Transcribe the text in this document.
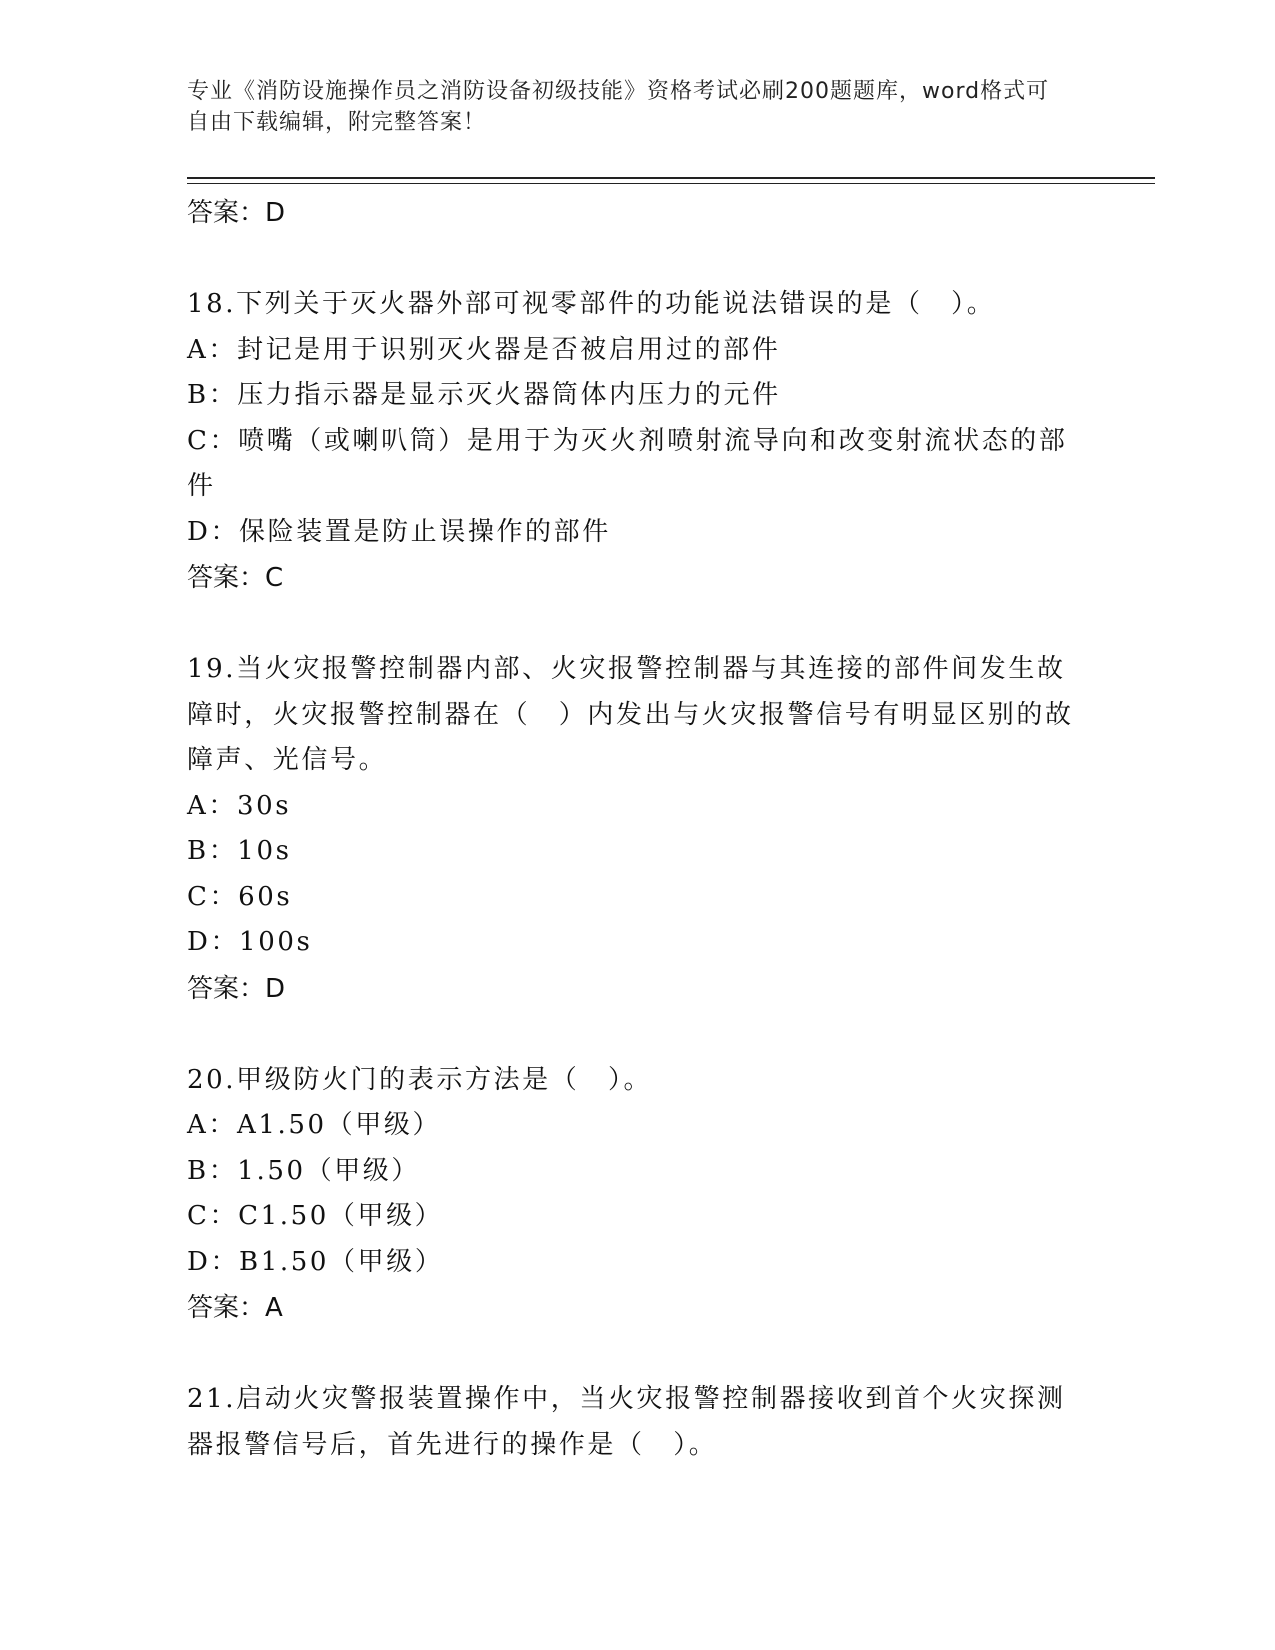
专业《消防设施操作员之消防设备初级技能》资格考试必刷200题题库，word格式可自由下载编辑，附完整答案！
答案：D
18.下列关于灭火器外部可视零部件的功能说法错误的是（　）。
A：封记是用于识别灭火器是否被启用过的部件
B：压力指示器是显示灭火器筒体内压力的元件
C：喷嘴（或喇叭筒）是用于为灭火剂喷射流导向和改变射流状态的部件
D：保险装置是防止误操作的部件
答案：C
19.当火灾报警控制器内部、火灾报警控制器与其连接的部件间发生故障时，火灾报警控制器在（　）内发出与火灾报警信号有明显区别的故障声、光信号。
A：30s
B：10s
C：60s
D：100s
答案：D
20.甲级防火门的表示方法是（　）。
A：A1.50（甲级）
B：1.50（甲级）
C：C1.50（甲级）
D：B1.50（甲级）
答案：A
21.启动火灾警报装置操作中，当火灾报警控制器接收到首个火灾探测器报警信号后，首先进行的操作是（　）。
